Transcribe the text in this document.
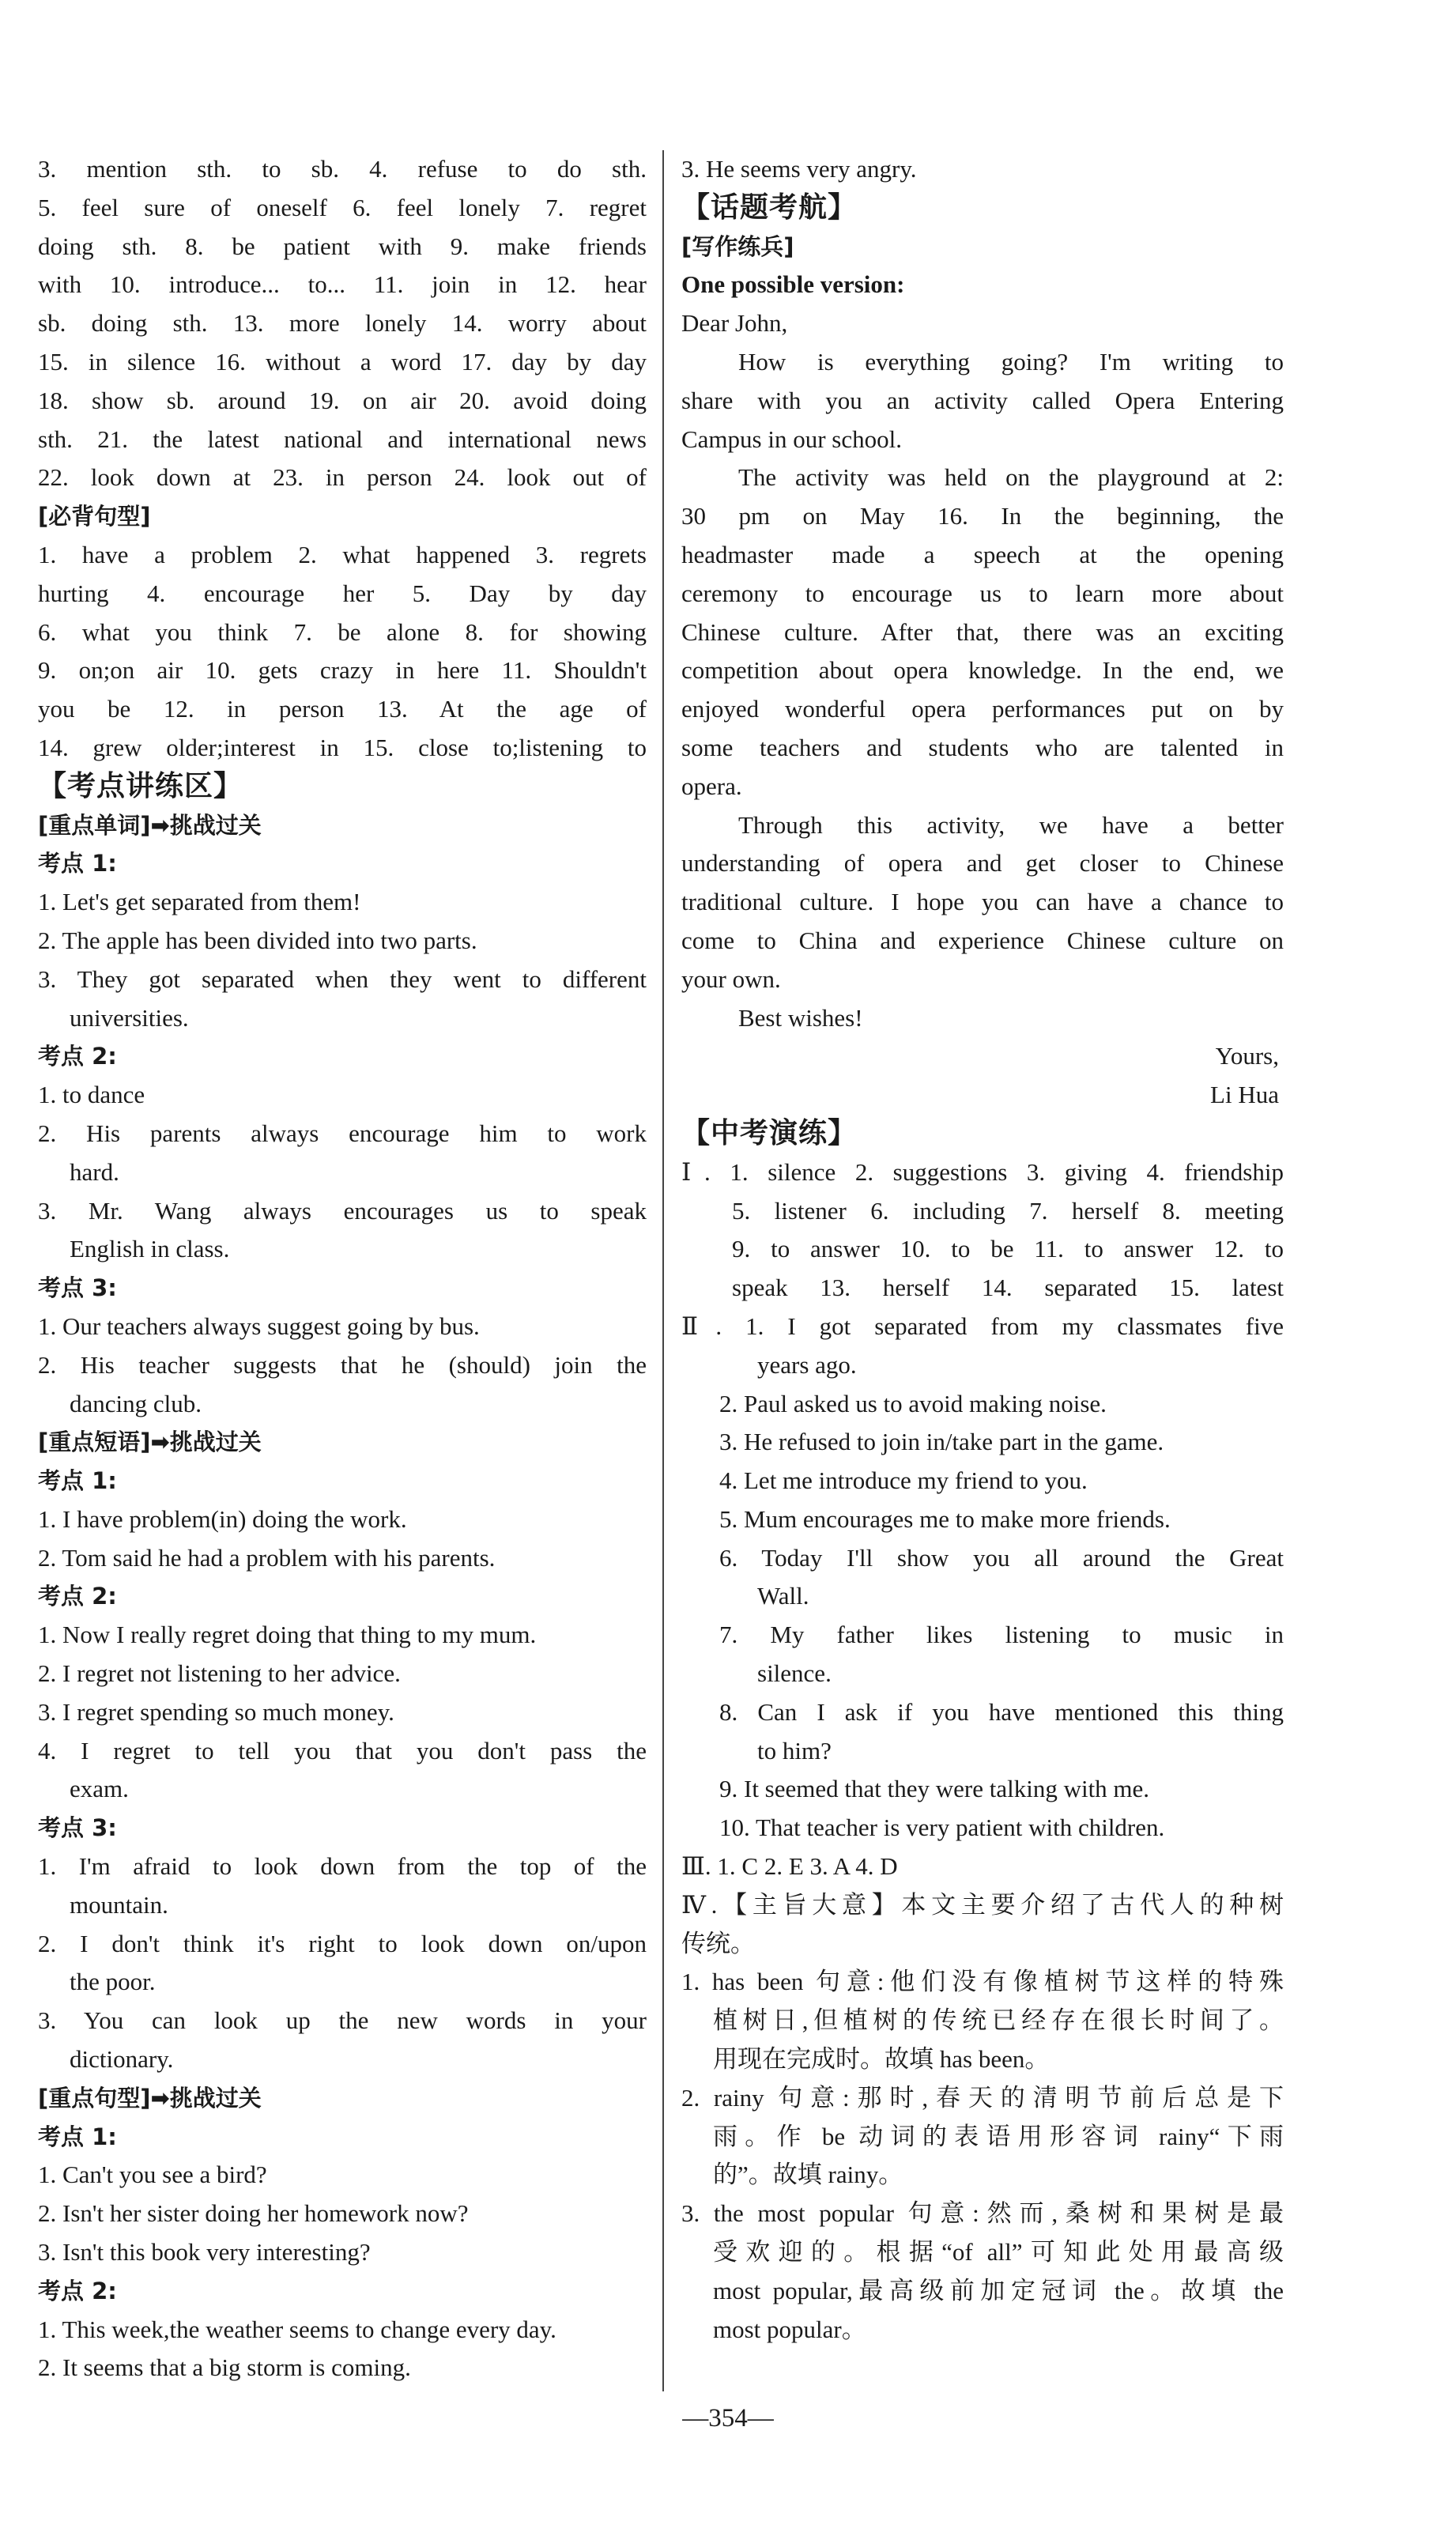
3. mention sth. to sb. 4. refuse to do sth.
5. feel sure of oneself 6. feel lonely 7. regret
doing sth. 8. be patient with 9. make friends
with 10. introduce... to... 11. join in 12. hear
sb. doing sth. 13. more lonely 14. worry about
15. in silence 16. without a word 17. day by day
18. show sb. around 19. on air 20. avoid doing
sth. 21. the latest national and international news
22. look down at 23. in person 24. look out of
[必背句型]
1. have a problem 2. what happened 3. regrets
hurting 4. encourage her 5. Day by day
6. what you think 7. be alone 8. for showing
9. on;on air 10. gets crazy in here 11. Shouldn't
you be 12. in person 13. At the age of
14. grew older;interest in 15. close to;listening to
【考点讲练区】
[重点单词]➡挑战过关
考点 1:
1. Let's get separated from them!
2. The apple has been divided into two parts.
3. They got separated when they went to different
universities.
考点 2:
1. to dance
2. His parents always encourage him to work
hard.
3. Mr. Wang always encourages us to speak
English in class.
考点 3:
1. Our teachers always suggest going by bus.
2. His teacher suggests that he (should) join the
dancing club.
[重点短语]➡挑战过关
考点 1:
1. I have problem(in) doing the work.
2. Tom said he had a problem with his parents.
考点 2:
1. Now I really regret doing that thing to my mum.
2. I regret not listening to her advice.
3. I regret spending so much money.
4. I regret to tell you that you don't pass the
exam.
考点 3:
1. I'm afraid to look down from the top of the
mountain.
2. I don't think it's right to look down on/upon
the poor.
3. You can look up the new words in your
dictionary.
[重点句型]➡挑战过关
考点 1:
1. Can't you see a bird?
2. Isn't her sister doing her homework now?
3. Isn't this book very interesting?
考点 2:
1. This week,the weather seems to change every day.
2. It seems that a big storm is coming.
3. He seems very angry.
【话题考航】
[写作练兵]
One possible version:
Dear John,
How is everything going? I'm writing to
share with you an activity called Opera Entering
Campus in our school.
The activity was held on the playground at 2:
30 pm on May 16. In the beginning, the
headmaster made a speech at the opening
ceremony to encourage us to learn more about
Chinese culture. After that, there was an exciting
competition about opera knowledge. In the end, we
enjoyed wonderful opera performances put on by
some teachers and students who are talented in
opera.
Through this activity, we have a better
understanding of opera and get closer to Chinese
traditional culture. I hope you can have a chance to
come to China and experience Chinese culture on
your own.
Best wishes!
Yours,
Li Hua
【中考演练】
Ⅰ. 1. silence 2. suggestions 3. giving 4. friendship
5. listener 6. including 7. herself 8. meeting
9. to answer 10. to be 11. to answer 12. to
speak 13. herself 14. separated 15. latest
Ⅱ. 1. I got separated from my classmates five
years ago.
2. Paul asked us to avoid making noise.
3. He refused to join in/take part in the game.
4. Let me introduce my friend to you.
5. Mum encourages me to make more friends.
6. Today I'll show you all around the Great
Wall.
7. My father likes listening to music in
silence.
8. Can I ask if you have mentioned this thing
to him?
9. It seemed that they were talking with me.
10. That teacher is very patient with children.
Ⅲ. 1. C 2. E 3. A 4. D
Ⅳ.【主旨大意】本文主要介绍了古代人的种树
传统。
1. has been 句意:他们没有像植树节这样的特殊
植树日,但植树的传统已经存在很长时间了。
用现在完成时。故填 has been。
2. rainy 句意:那时,春天的清明节前后总是下
雨。作 be 动词的表语用形容词 rainy“下雨
的”。故填 rainy。
3. the most popular 句意:然而,桑树和果树是最
受欢迎的。根据“of all”可知此处用最高级
most popular,最高级前加定冠词 the。故填 the
most popular。
—354—
